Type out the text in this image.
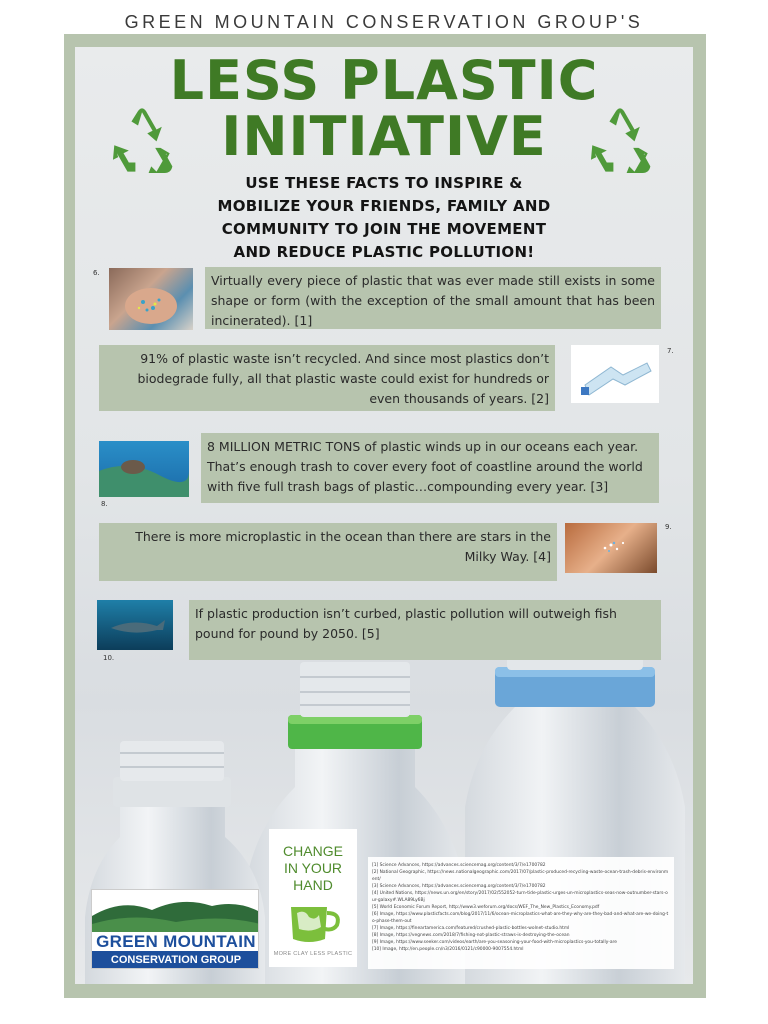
GREEN MOUNTAIN CONSERVATION GROUP'S
LESS PLASTIC
INITIATIVE
USE THESE FACTS TO INSPIRE &
MOBILIZE YOUR FRIENDS, FAMILY AND
COMMUNITY TO JOIN THE MOVEMENT
AND REDUCE PLASTIC POLLUTION!
6.	Virtually every piece of plastic that was ever made still exists in some shape or form (with the exception of the small amount that has been incinerated). [1]
91% of plastic waste isn’t recycled. And since most plastics don’t biodegrade fully, all that plastic waste could exist for hundreds or even thousands of years. [2]
7.
8.
8 MILLION METRIC TONS of plastic winds up in our oceans each year. That’s enough trash to cover every foot of coastline around the world with five full trash bags of plastic…compounding every year. [3]
There is more microplastic in the ocean than there are stars in the Milky Way. [4]
9.
10.
If plastic production isn’t curbed, plastic pollution will outweigh fish pound for pound by 2050. [5]
CHANGE
IN YOUR
HAND
MORE CLAY LESS PLASTIC
GREEN MOUNTAIN
CONSERVATION GROUP
[1] Science Advances, https://advances.sciencemag.org/content/3/7/e1700782
[2] National Geographic, https://news.nationalgeographic.com/2017/07/plastic-produced-recycling-waste-ocean-trash-debris-environment/
[3] Science Advances, https://advances.sciencemag.org/content/3/7/e1700782
[4] United Nations, https://news.un.org/en/story/2017/02/552052-turn-tide-plastic-urges-un-microplastics-seas-now-outnumber-stars-our-galaxy#.WLA89Ly6Bj
[5] World Economic Forum Report, http://www3.weforum.org/docs/WEF_The_New_Plastics_Economy.pdf
[6] Image, https://www.plasticfacts.com/blog/2017/11/6/ocean-microplastics-what-are-they-why-are-they-bad-and-what-are-we-doing-to-phase-them-out
[7] Image, https://fineartamerica.com/featured/crushed-plastic-bottles-wolnet-studio.html
[8] Image, https://vegnews.com/2018/7/fishing-not-plastic-straws-is-destroying-the-ocean
[9] Image, https://www.seeker.com/videos/earth/are-you-seasoning-your-food-with-microplastics-you-totally-are
[10] Image, http://en.people.cn/n3/2016/0121/c90000-9007554.html
